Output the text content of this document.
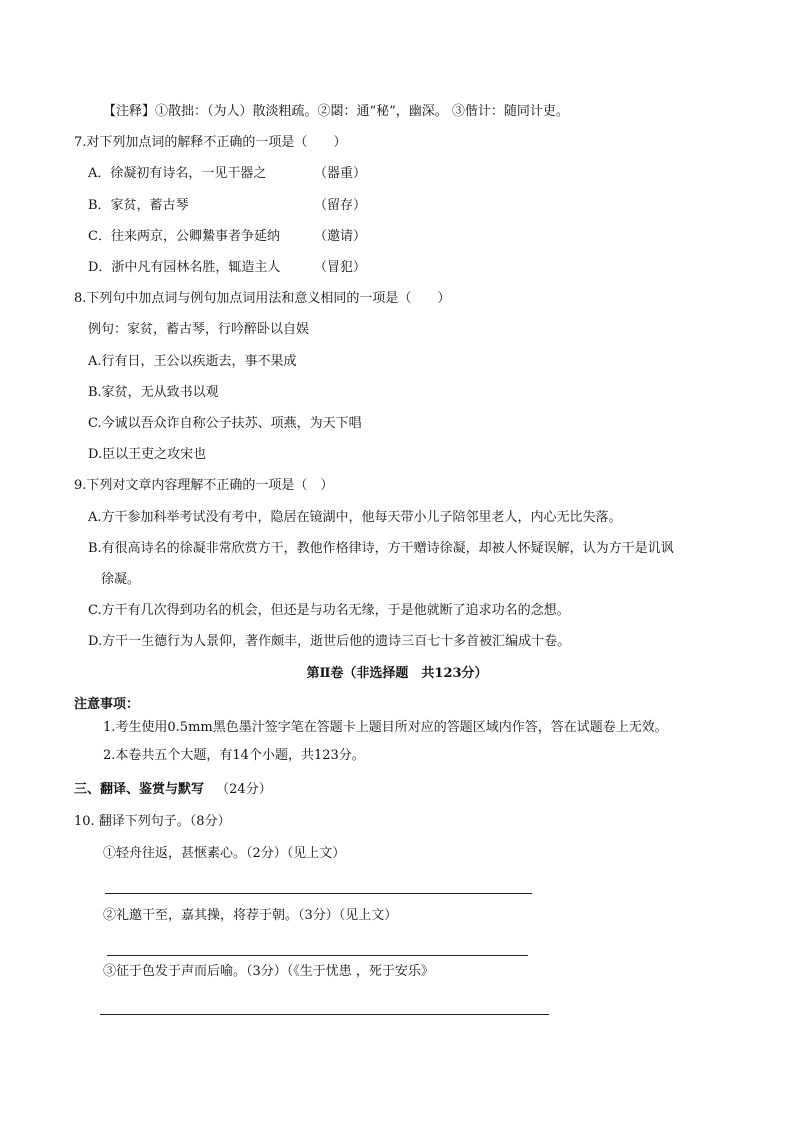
【注释】①散拙：（为人）散淡粗疏。②閟：通“秘”，幽深。 ③偕计：随同计吏。
7.对下列加点词的解释不正确的一项是（　　）
A．徐凝初有诗名，一见干器之	（器重）
B．家贫，蓄古琴	（留存）
C．往来两京，公卿䲀事者争延纳	（邀请）
D．浙中凡有园林名胜，辄造主人	（冒犯）
8.下列句中加点词与例句加点词用法和意义相同的一项是（　　）
例句：家贫，蓄古琴，行吟醉卧以自娱
A.行有日，王公以疾逝去，事不果成
B.家贫，无从致书以观
C.今诚以吾众诈自称公子扶苏、项燕，为天下唱
D.臣以王吏之攻宋也
9.下列对文章内容理解不正确的一项是（　）
A.方干参加科举考试没有考中，隐居在镜湖中，他每天带小儿子陪邻里老人，内心无比失落。
B.有很高诗名的徐凝非常欣赏方干，教他作格律诗，方干赠诗徐凝，却被人怀疑误解，认为方干是讥讽
徐凝。
C.方干有几次得到功名的机会，但还是与功名无缘，于是他就断了追求功名的念想。
D.方干一生德行为人景仰，著作颇丰，逝世后他的遗诗三百七十多首被汇编成十卷。
第Ⅱ卷（非选择题　共123分）
注意事项：
1.考生使用0.5mm黑色墨汁签字笔在答题卡上题目所对应的答题区域内作答，答在试题卷上无效。
2.本卷共五个大题，有14个小题，共123分。
三、翻译、鉴赏与默写 （24分）
10. 翻译下列句子。（8分）
①轻舟往返，甚惬素心。（2分）（见上文）
②礼邀干至，嘉其操，将荐于朝。（3分）（见上文）
③征于色发于声而后喻。（3分）（《生于忧患 ，死于安乐》
